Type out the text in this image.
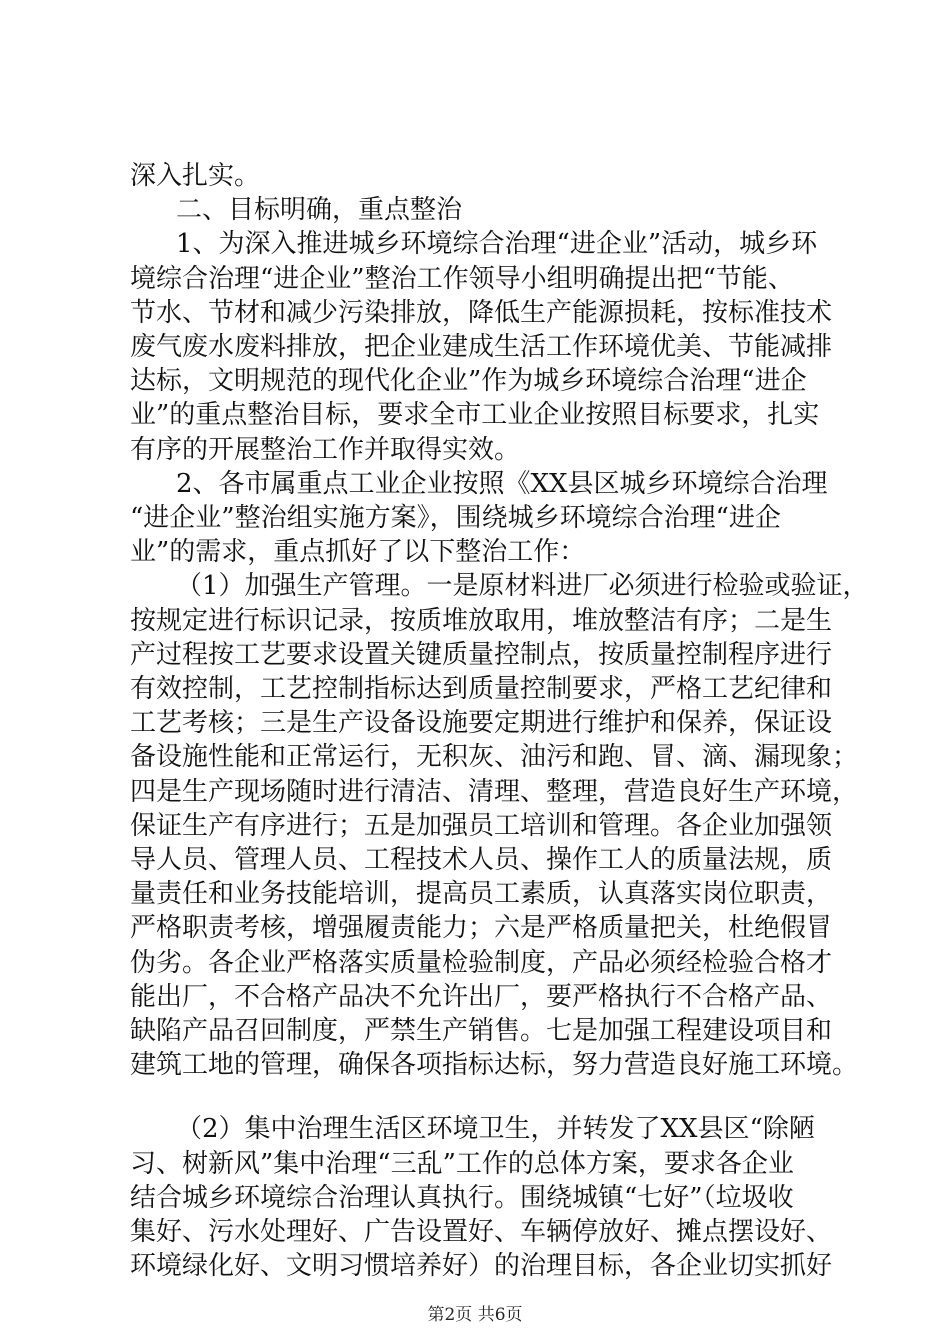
深入扎实。
二、目标明确，重点整治
1、为深入推进城乡环境综合治理“进企业”活动，城乡环
境综合治理“进企业”整治工作领导小组明确提出把“节能、
节水、节材和减少污染排放，降低生产能源损耗，按标准技术
废气废水废料排放，把企业建成生活工作环境优美、节能减排
达标，文明规范的现代化企业”作为城乡环境综合治理“进企
业”的重点整治目标，要求全市工业企业按照目标要求，扎实
有序的开展整治工作并取得实效。
2、各市属重点工业企业按照《XX县区城乡环境综合治理
“进企业”整治组实施方案》，围绕城乡环境综合治理“进企
业”的需求，重点抓好了以下整治工作：
（1）加强生产管理。一是原材料进厂必须进行检验或验证，
按规定进行标识记录，按质堆放取用，堆放整洁有序；二是生
产过程按工艺要求设置关键质量控制点，按质量控制程序进行
有效控制，工艺控制指标达到质量控制要求，严格工艺纪律和
工艺考核；三是生产设备设施要定期进行维护和保养，保证设
备设施性能和正常运行，无积灰、油污和跑、冒、滴、漏现象；
四是生产现场随时进行清洁、清理、整理，营造良好生产环境，
保证生产有序进行；五是加强员工培训和管理。各企业加强领
导人员、管理人员、工程技术人员、操作工人的质量法规，质
量责任和业务技能培训，提高员工素质，认真落实岗位职责，
严格职责考核，增强履责能力；六是严格质量把关，杜绝假冒
伪劣。各企业严格落实质量检验制度，产品必须经检验合格才
能出厂，不合格产品决不允许出厂，要严格执行不合格产品、
缺陷产品召回制度，严禁生产销售。七是加强工程建设项目和
建筑工地的管理，确保各项指标达标，努力营造良好施工环境。
（2）集中治理生活区环境卫生，并转发了XX县区“除陋
习、树新风”集中治理“三乱”工作的总体方案，要求各企业
结合城乡环境综合治理认真执行。围绕城镇“七好”（垃圾收
集好、污水处理好、广告设置好、车辆停放好、摊点摆设好、
环境绿化好、文明习惯培养好）的治理目标，各企业切实抓好
第2页 共6页
